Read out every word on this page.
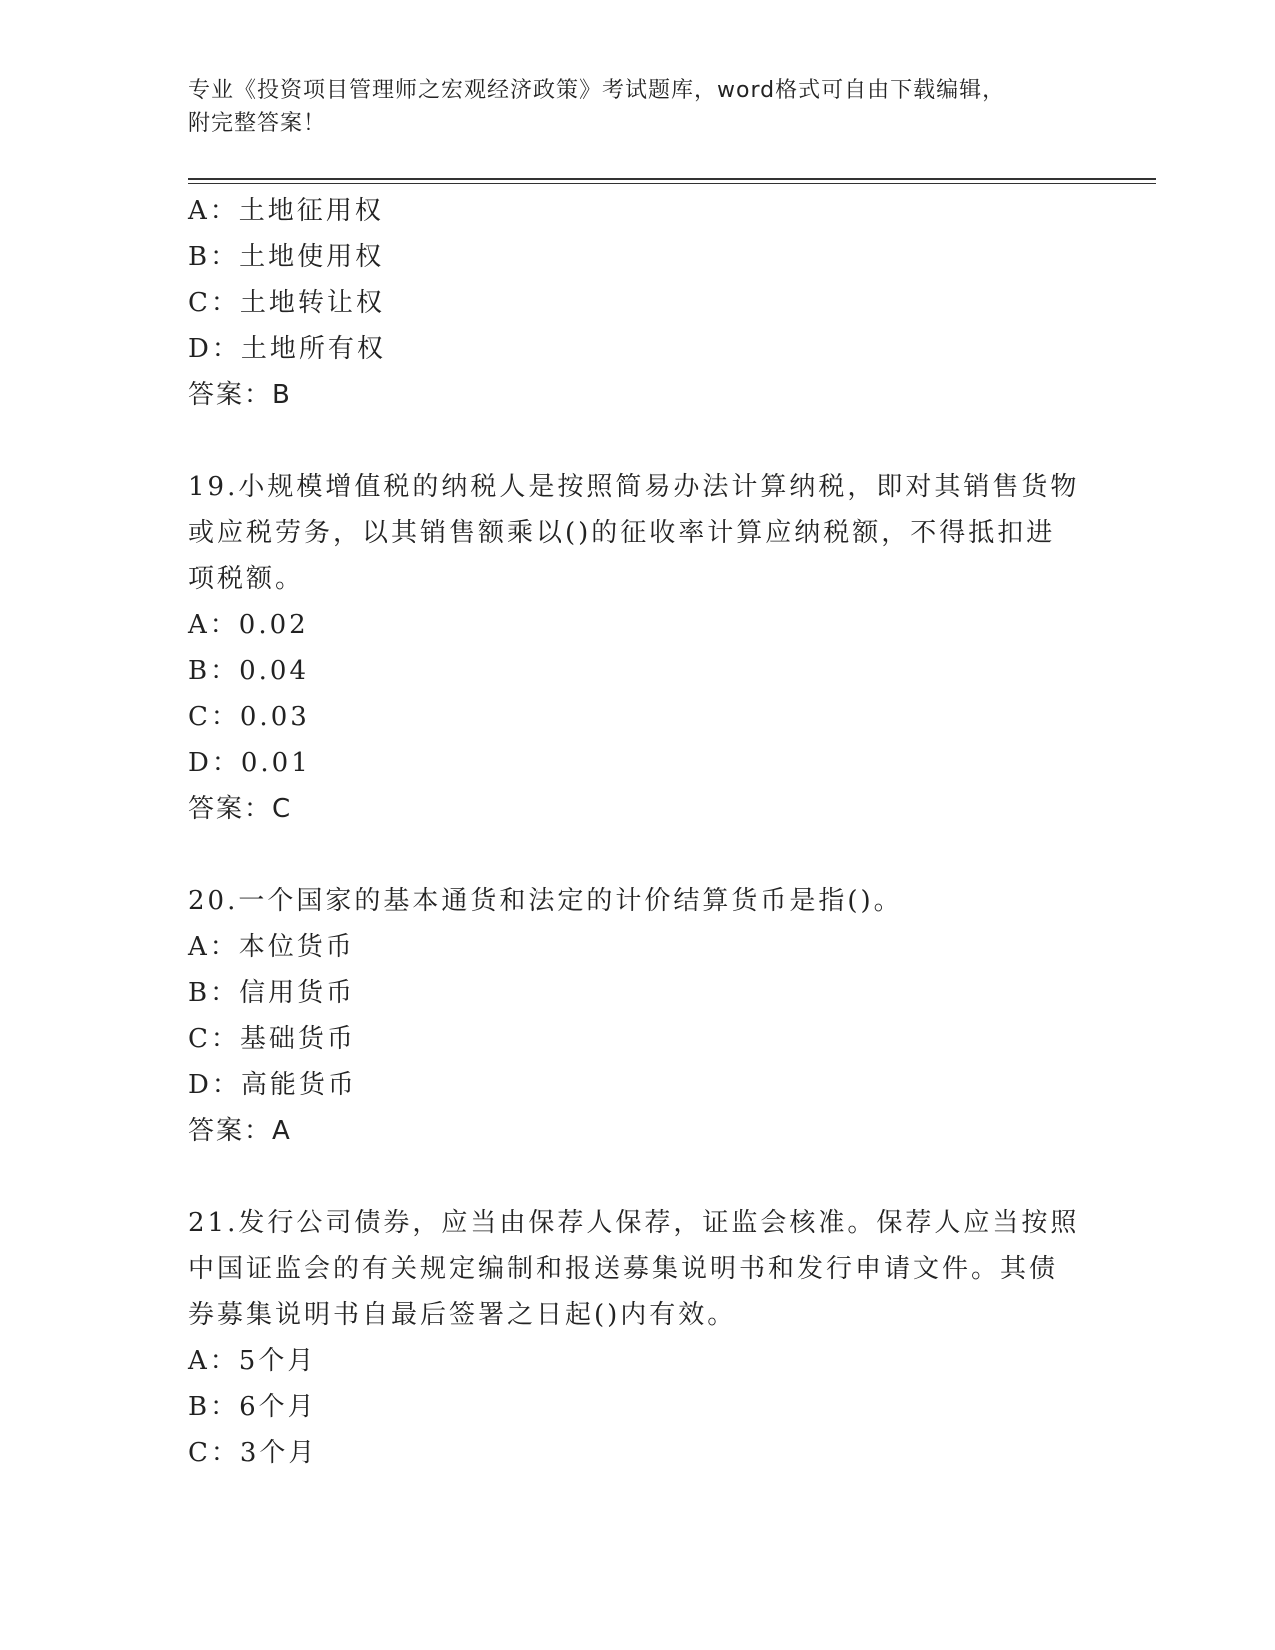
专业《投资项目管理师之宏观经济政策》考试题库，word格式可自由下载编辑，
附完整答案！
A：土地征用权
B：土地使用权
C：土地转让权
D：土地所有权
答案：B
19.小规模增值税的纳税人是按照简易办法计算纳税，即对其销售货物
或应税劳务，以其销售额乘以()的征收率计算应纳税额，不得抵扣进
项税额。
A：0.02
B：0.04
C：0.03
D：0.01
答案：C
20.一个国家的基本通货和法定的计价结算货币是指()。
A：本位货币
B：信用货币
C：基础货币
D：高能货币
答案：A
21.发行公司债券，应当由保荐人保荐，证监会核准。保荐人应当按照
中国证监会的有关规定编制和报送募集说明书和发行申请文件。其债
券募集说明书自最后签署之日起()内有效。
A：5个月
B：6个月
C：3个月
